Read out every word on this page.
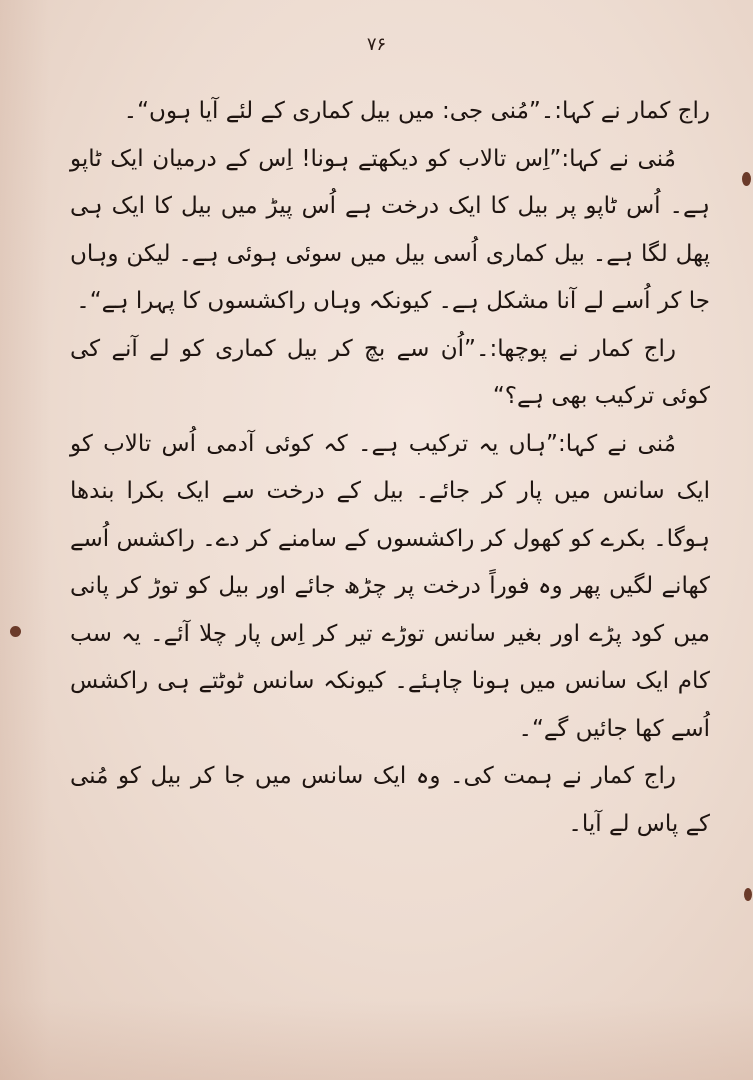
۷۶

راج کمار نے کہا:۔”مُنی جی: میں بیل کماری کے لئے آیا ہوں“۔

مُنی نے کہا:”اِس تالاب کو دیکھتے ہونا! اِس کے درمیان ایک ٹاپو ہے۔ اُس ٹاپو پر بیل کا ایک درخت ہے اُس پیڑ میں بیل کا ایک ہی پھل لگا ہے۔ بیل کماری اُسی بیل میں سوئی ہوئی ہے۔ لیکن وہاں جا کر اُسے لے آنا مشکل ہے۔ کیونکہ وہاں راکشسوں کا پہرا ہے“۔

راج کمار نے پوچھا:۔”اُن سے بچ کر بیل کماری کو لے آنے کی کوئی ترکیب بھی ہے؟“

مُنی نے کہا:”ہاں یہ ترکیب ہے۔ کہ کوئی آدمی اُس تالاب کو ایک سانس میں پار کر جائے۔ بیل کے درخت سے ایک بکرا بندھا ہوگا۔ بکرے کو کھول کر راکشسوں کے سامنے کر دے۔ راکشس اُسے کھانے لگیں پھر وہ فوراً درخت پر چڑھ جائے اور بیل کو توڑ کر پانی میں کود پڑے اور بغیر سانس توڑے تیر کر اِس پار چلا آئے۔ یہ سب کام ایک سانس میں ہونا چاہئے۔ کیونکہ سانس ٹوٹتے ہی راکشس اُسے کھا جائیں گے“۔

راج کمار نے ہمت کی۔ وہ ایک سانس میں جا کر بیل کو مُنی کے پاس لے آیا۔
